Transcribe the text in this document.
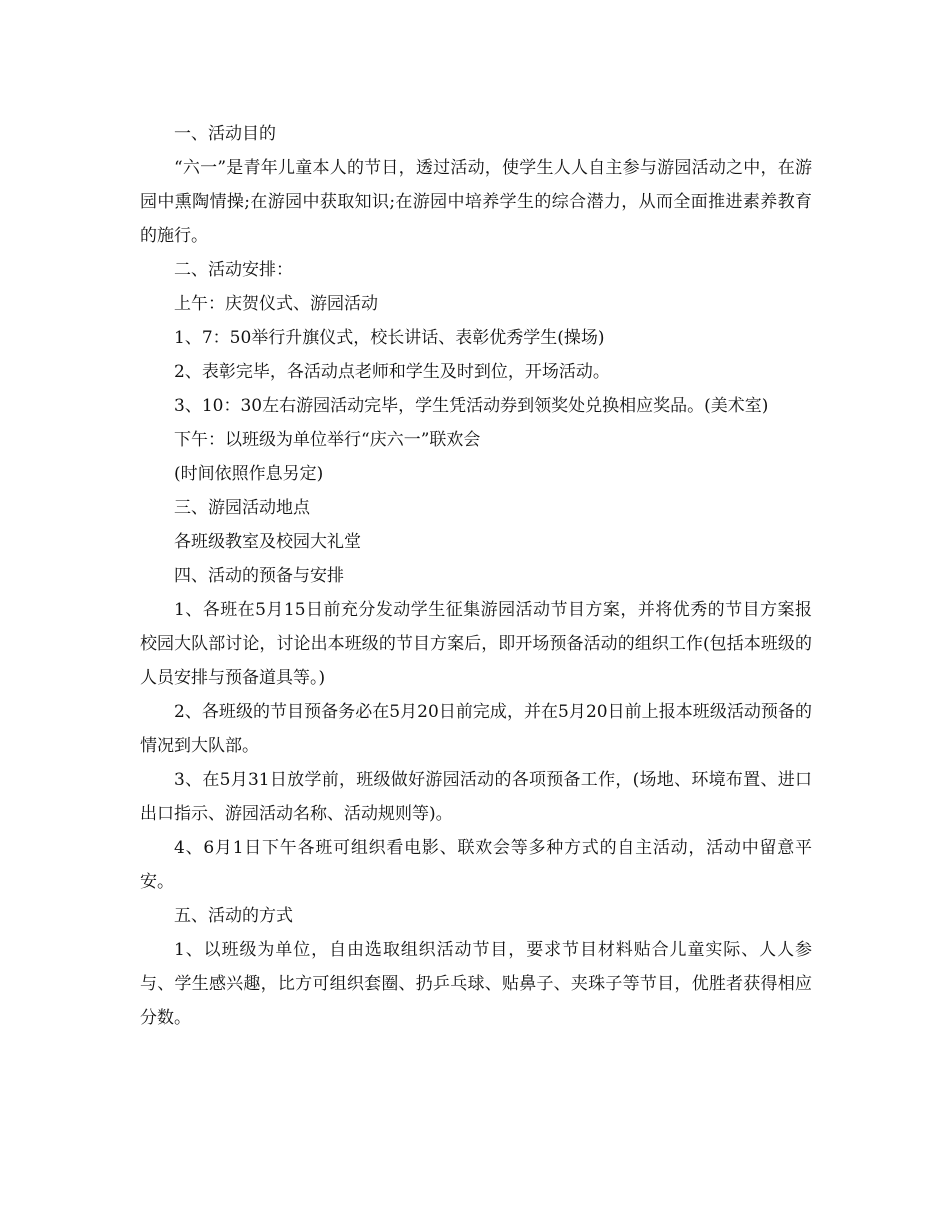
一、活动目的

“六一”是青年儿童本人的节日，透过活动，使学生人人自主参与游园活动之中，在游园中熏陶情操;在游园中获取知识;在游园中培养学生的综合潜力，从而全面推进素养教育的施行。

二、活动安排：

上午：庆贺仪式、游园活动

1、7：50举行升旗仪式，校长讲话、表彰优秀学生(操场)

2、表彰完毕，各活动点老师和学生及时到位，开场活动。

3、10：30左右游园活动完毕，学生凭活动券到领奖处兑换相应奖品。(美术室)

下午：以班级为单位举行“庆六一”联欢会

(时间依照作息另定)

三、游园活动地点

各班级教室及校园大礼堂

四、活动的预备与安排

1、各班在5月15日前充分发动学生征集游园活动节目方案，并将优秀的节目方案报校园大队部讨论，讨论出本班级的节目方案后，即开场预备活动的组织工作(包括本班级的人员安排与预备道具等。)

2、各班级的节目预备务必在5月20日前完成，并在5月20日前上报本班级活动预备的情况到大队部。

3、在5月31日放学前，班级做好游园活动的各项预备工作，(场地、环境布置、进口出口指示、游园活动名称、活动规则等)。

4、6月1日下午各班可组织看电影、联欢会等多种方式的自主活动，活动中留意平安。

五、活动的方式

1、以班级为单位，自由选取组织活动节目，要求节目材料贴合儿童实际、人人参与、学生感兴趣，比方可组织套圈、扔乒乓球、贴鼻子、夹珠子等节目，优胜者获得相应分数。
